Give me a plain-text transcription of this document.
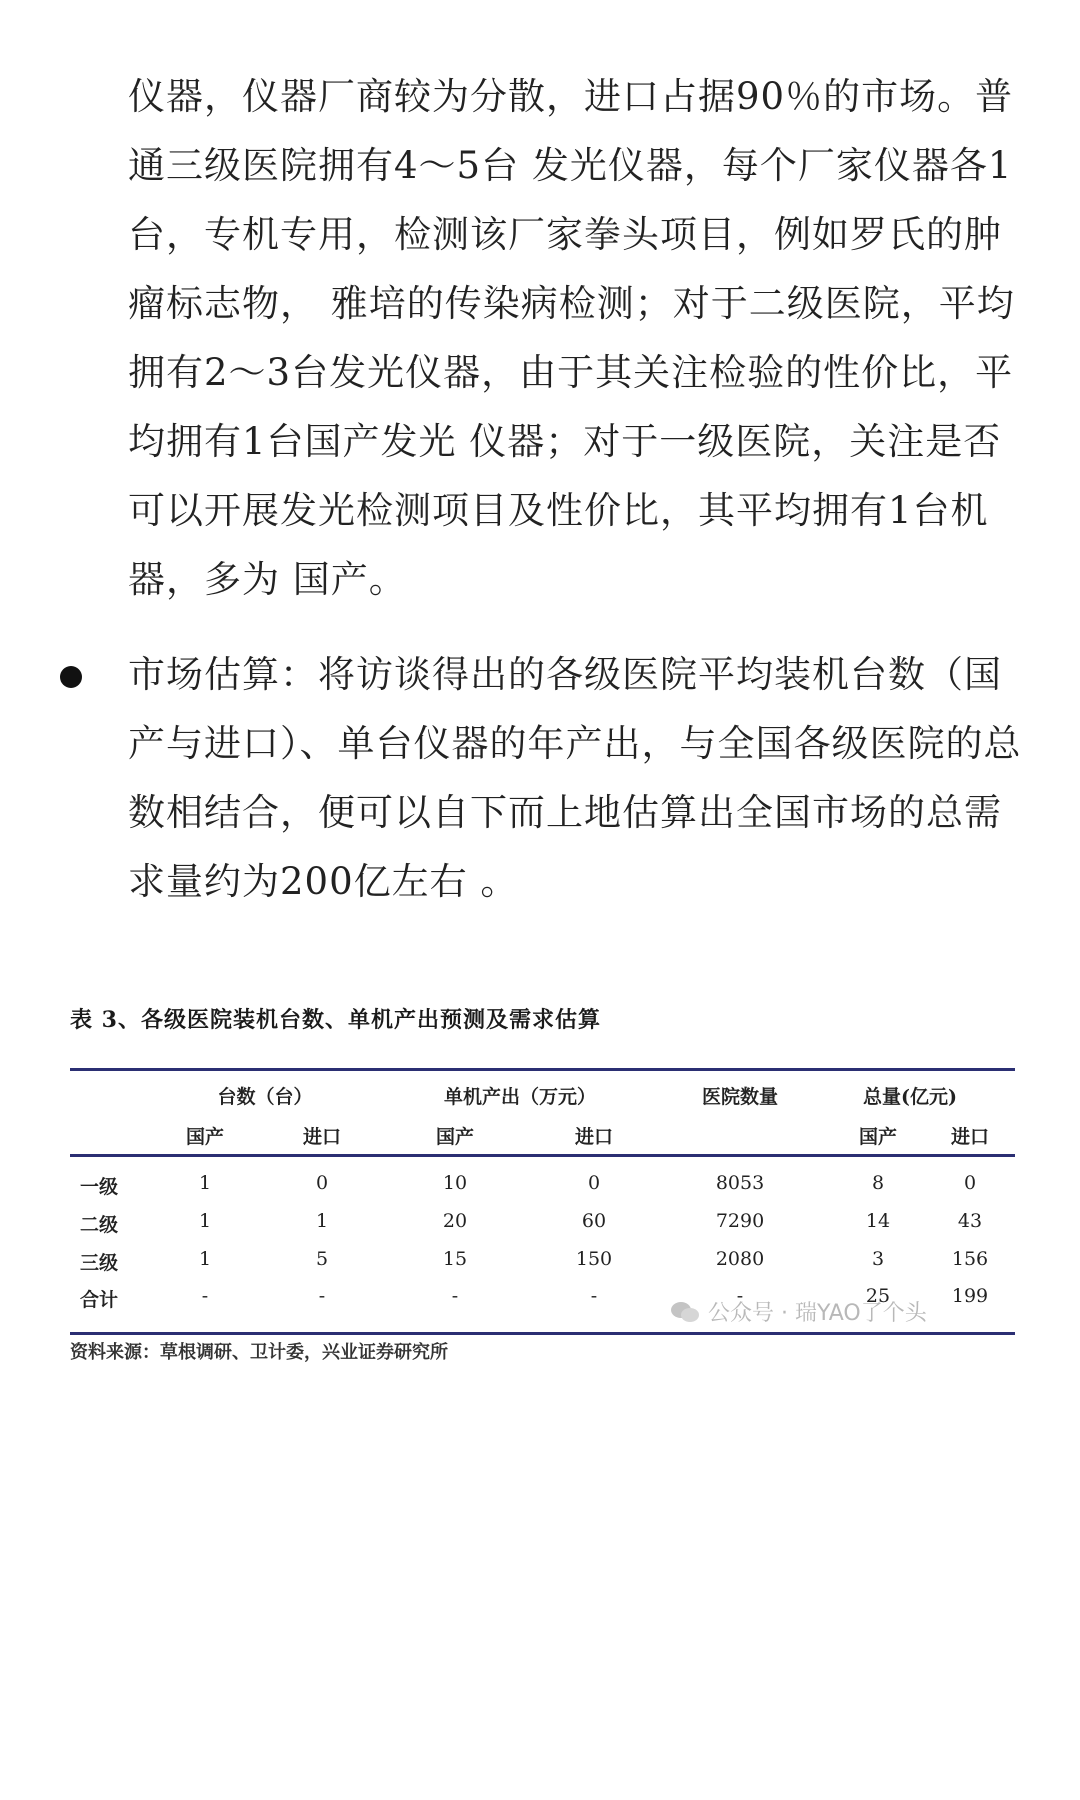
仪器，仪器厂商较为分散，进口占据90％的市场。普通三级医院拥有4～5台 发光仪器，每个厂家仪器各1台，专机专用，检测该厂家拳头项目，例如罗氏的肿瘤标志物， 雅培的传染病检测；对于二级医院，平均拥有2～3台发光仪器，由于其关注检验的性价比，平均拥有1台国产发光 仪器；对于一级医院，关注是否可以开展发光检测项目及性价比，其平均拥有1台机器，多为 国产。

市场估算：将访谈得出的各级医院平均装机台数（国产与进口）、单台仪器的年产出，与全国各级医院的总数相结合，便可以自下而上地估算出全国市场的总需求量约为200亿左右 。

表 3、各级医院装机台数、单机产出预测及需求估算
台数（台）	单机产出（万元）	医院数量	总量(亿元)
国产	进口	国产	进口	国产	进口
一级	1	0	10	0	8053	8	0
二级	1	1	20	60	7290	14	43
三级	1	5	15	150	2080	3	156
合计	-	-	-	-	-	25	199
资料来源：草根调研、卫计委，兴业证券研究所
公众号 · 瑞YAO了个头
